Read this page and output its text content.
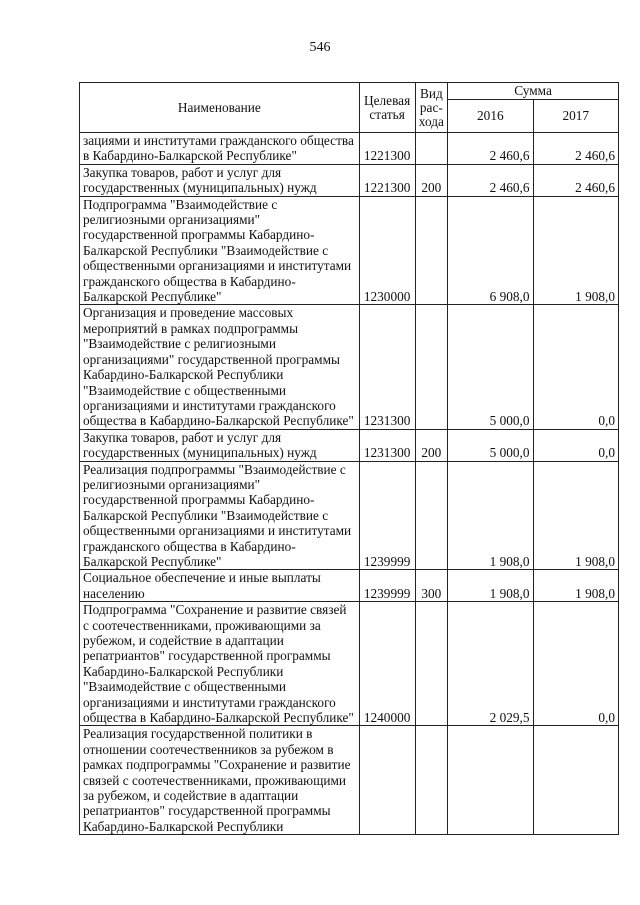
546
Наименование	Целевая статья	Вид рас-хода	Сумма	
			2016	2017
зациями и институтами гражданского общества в Кабардино-Балкарской Республике"	1221300		2 460,6	2 460,6
Закупка товаров, работ и услуг для государственных (муниципальных) нужд	1221300	200	2 460,6	2 460,6
Подпрограмма "Взаимодействие с религиозными организациями" государственной программы Кабардино-Балкарской Республики "Взаимодействие с общественными организациями и институтами гражданского общества в Кабардино-Балкарской Республике"	1230000		6 908,0	1 908,0
Организация и проведение массовых мероприятий в рамках подпрограммы "Взаимодействие с религиозными организациями" государственной программы Кабардино-Балкарской Республики "Взаимодействие с общественными организациями и институтами гражданского общества в Кабардино-Балкарской Республике"	1231300		5 000,0	0,0
Закупка товаров, работ и услуг для государственных (муниципальных) нужд	1231300	200	5 000,0	0,0
Реализация подпрограммы "Взаимодействие с религиозными организациями" государственной программы Кабардино-Балкарской Республики "Взаимодействие с общественными организациями и институтами гражданского общества в Кабардино-Балкарской Республике"	1239999		1 908,0	1 908,0
Социальное обеспечение и иные выплаты населению	1239999	300	1 908,0	1 908,0
Подпрограмма "Сохранение и развитие связей с соотечественниками, проживающими за рубежом, и содействие в адаптации репатриантов" государственной программы Кабардино-Балкарской Республики "Взаимодействие с общественными организациями и институтами гражданского общества в Кабардино-Балкарской Республике"	1240000		2 029,5	0,0
Реализация государственной политики в отношении соотечественников за рубежом в рамках подпрограммы "Сохранение и развитие связей с соотечественниками, проживающими за рубежом, и содействие в адаптации репатриантов" государственной программы Кабардино-Балкарской Республики				
